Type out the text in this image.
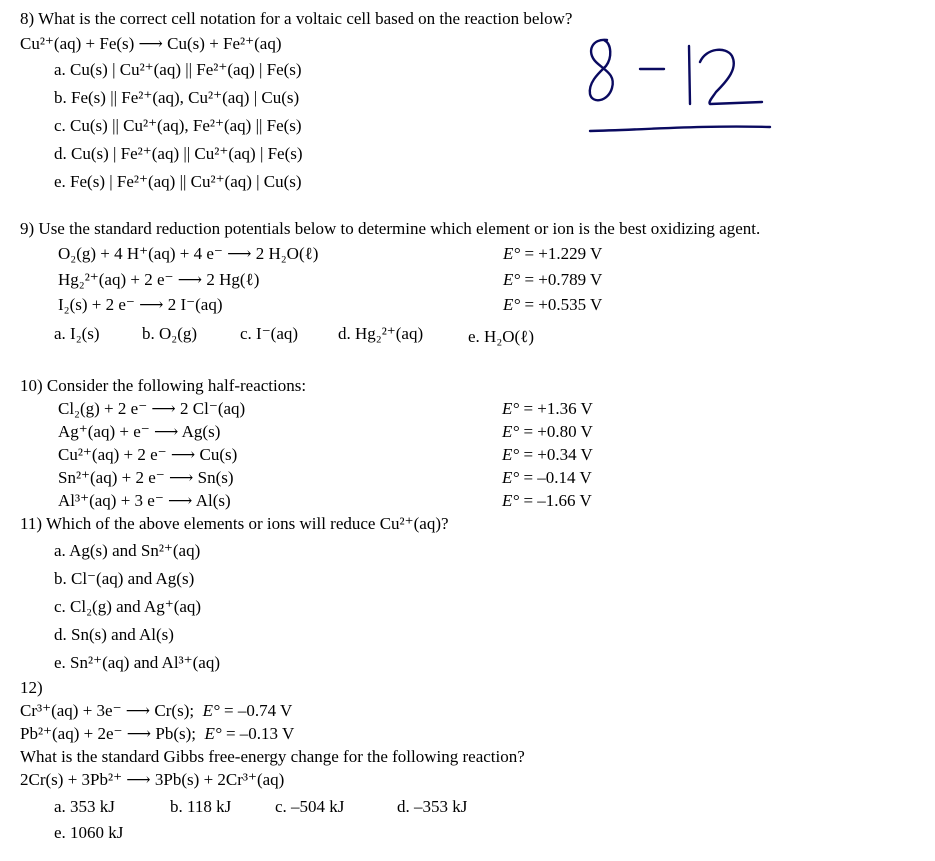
8) What is the correct cell notation for a voltaic cell based on the reaction below?
Cu²⁺(aq) + Fe(s) ⟶ Cu(s) + Fe²⁺(aq)
a. Cu(s) | Cu²⁺(aq) || Fe²⁺(aq) | Fe(s)
b. Fe(s) || Fe²⁺(aq), Cu²⁺(aq) | Cu(s)
c. Cu(s) || Cu²⁺(aq), Fe²⁺(aq) || Fe(s)
d. Cu(s) | Fe²⁺(aq) || Cu²⁺(aq) | Fe(s)
e. Fe(s) | Fe²⁺(aq) || Cu²⁺(aq) | Cu(s)
9) Use the standard reduction potentials below to determine which element or ion is the best oxidizing agent.
O₂(g) + 4 H⁺(aq) + 4 e⁻ ⟶ 2 H₂O(ℓ)	E° = +1.229 V
Hg₂²⁺(aq) + 2 e⁻ ⟶ 2 Hg(ℓ)	E° = +0.789 V
I₂(s) + 2 e⁻ ⟶ 2 I⁻(aq)	E° = +0.535 V
a. I₂(s) b. O₂(g)	c. I⁻(aq) d. Hg₂²⁺(aq)	e. H₂O(ℓ)
10) Consider the following half-reactions:
Cl₂(g) + 2 e⁻ ⟶ 2 Cl⁻(aq)	E° = +1.36 V
Ag⁺(aq) + e⁻ ⟶ Ag(s)	E° = +0.80 V
Cu²⁺(aq) + 2 e⁻ ⟶ Cu(s)	E° = +0.34 V
Sn²⁺(aq) + 2 e⁻ ⟶ Sn(s)	E° = –0.14 V
Al³⁺(aq) + 3 e⁻ ⟶ Al(s)	E° = –1.66 V
11) Which of the above elements or ions will reduce Cu²⁺(aq)?
a. Ag(s) and Sn²⁺(aq)
b. Cl⁻(aq) and Ag(s)
c. Cl₂(g) and Ag⁺(aq)
d. Sn(s) and Al(s)
e. Sn²⁺(aq) and Al³⁺(aq)
12)
Cr³⁺(aq) + 3e⁻ ⟶ Cr(s); E° = –0.74 V
Pb²⁺(aq) + 2e⁻ ⟶ Pb(s); E° = –0.13 V
What is the standard Gibbs free-energy change for the following reaction?
2Cr(s) + 3Pb²⁺ ⟶ 3Pb(s) + 2Cr³⁺(aq)
a. 353 kJ	b. 118 kJ	c. –504 kJ	d. –353 kJ
e. 1060 kJ
